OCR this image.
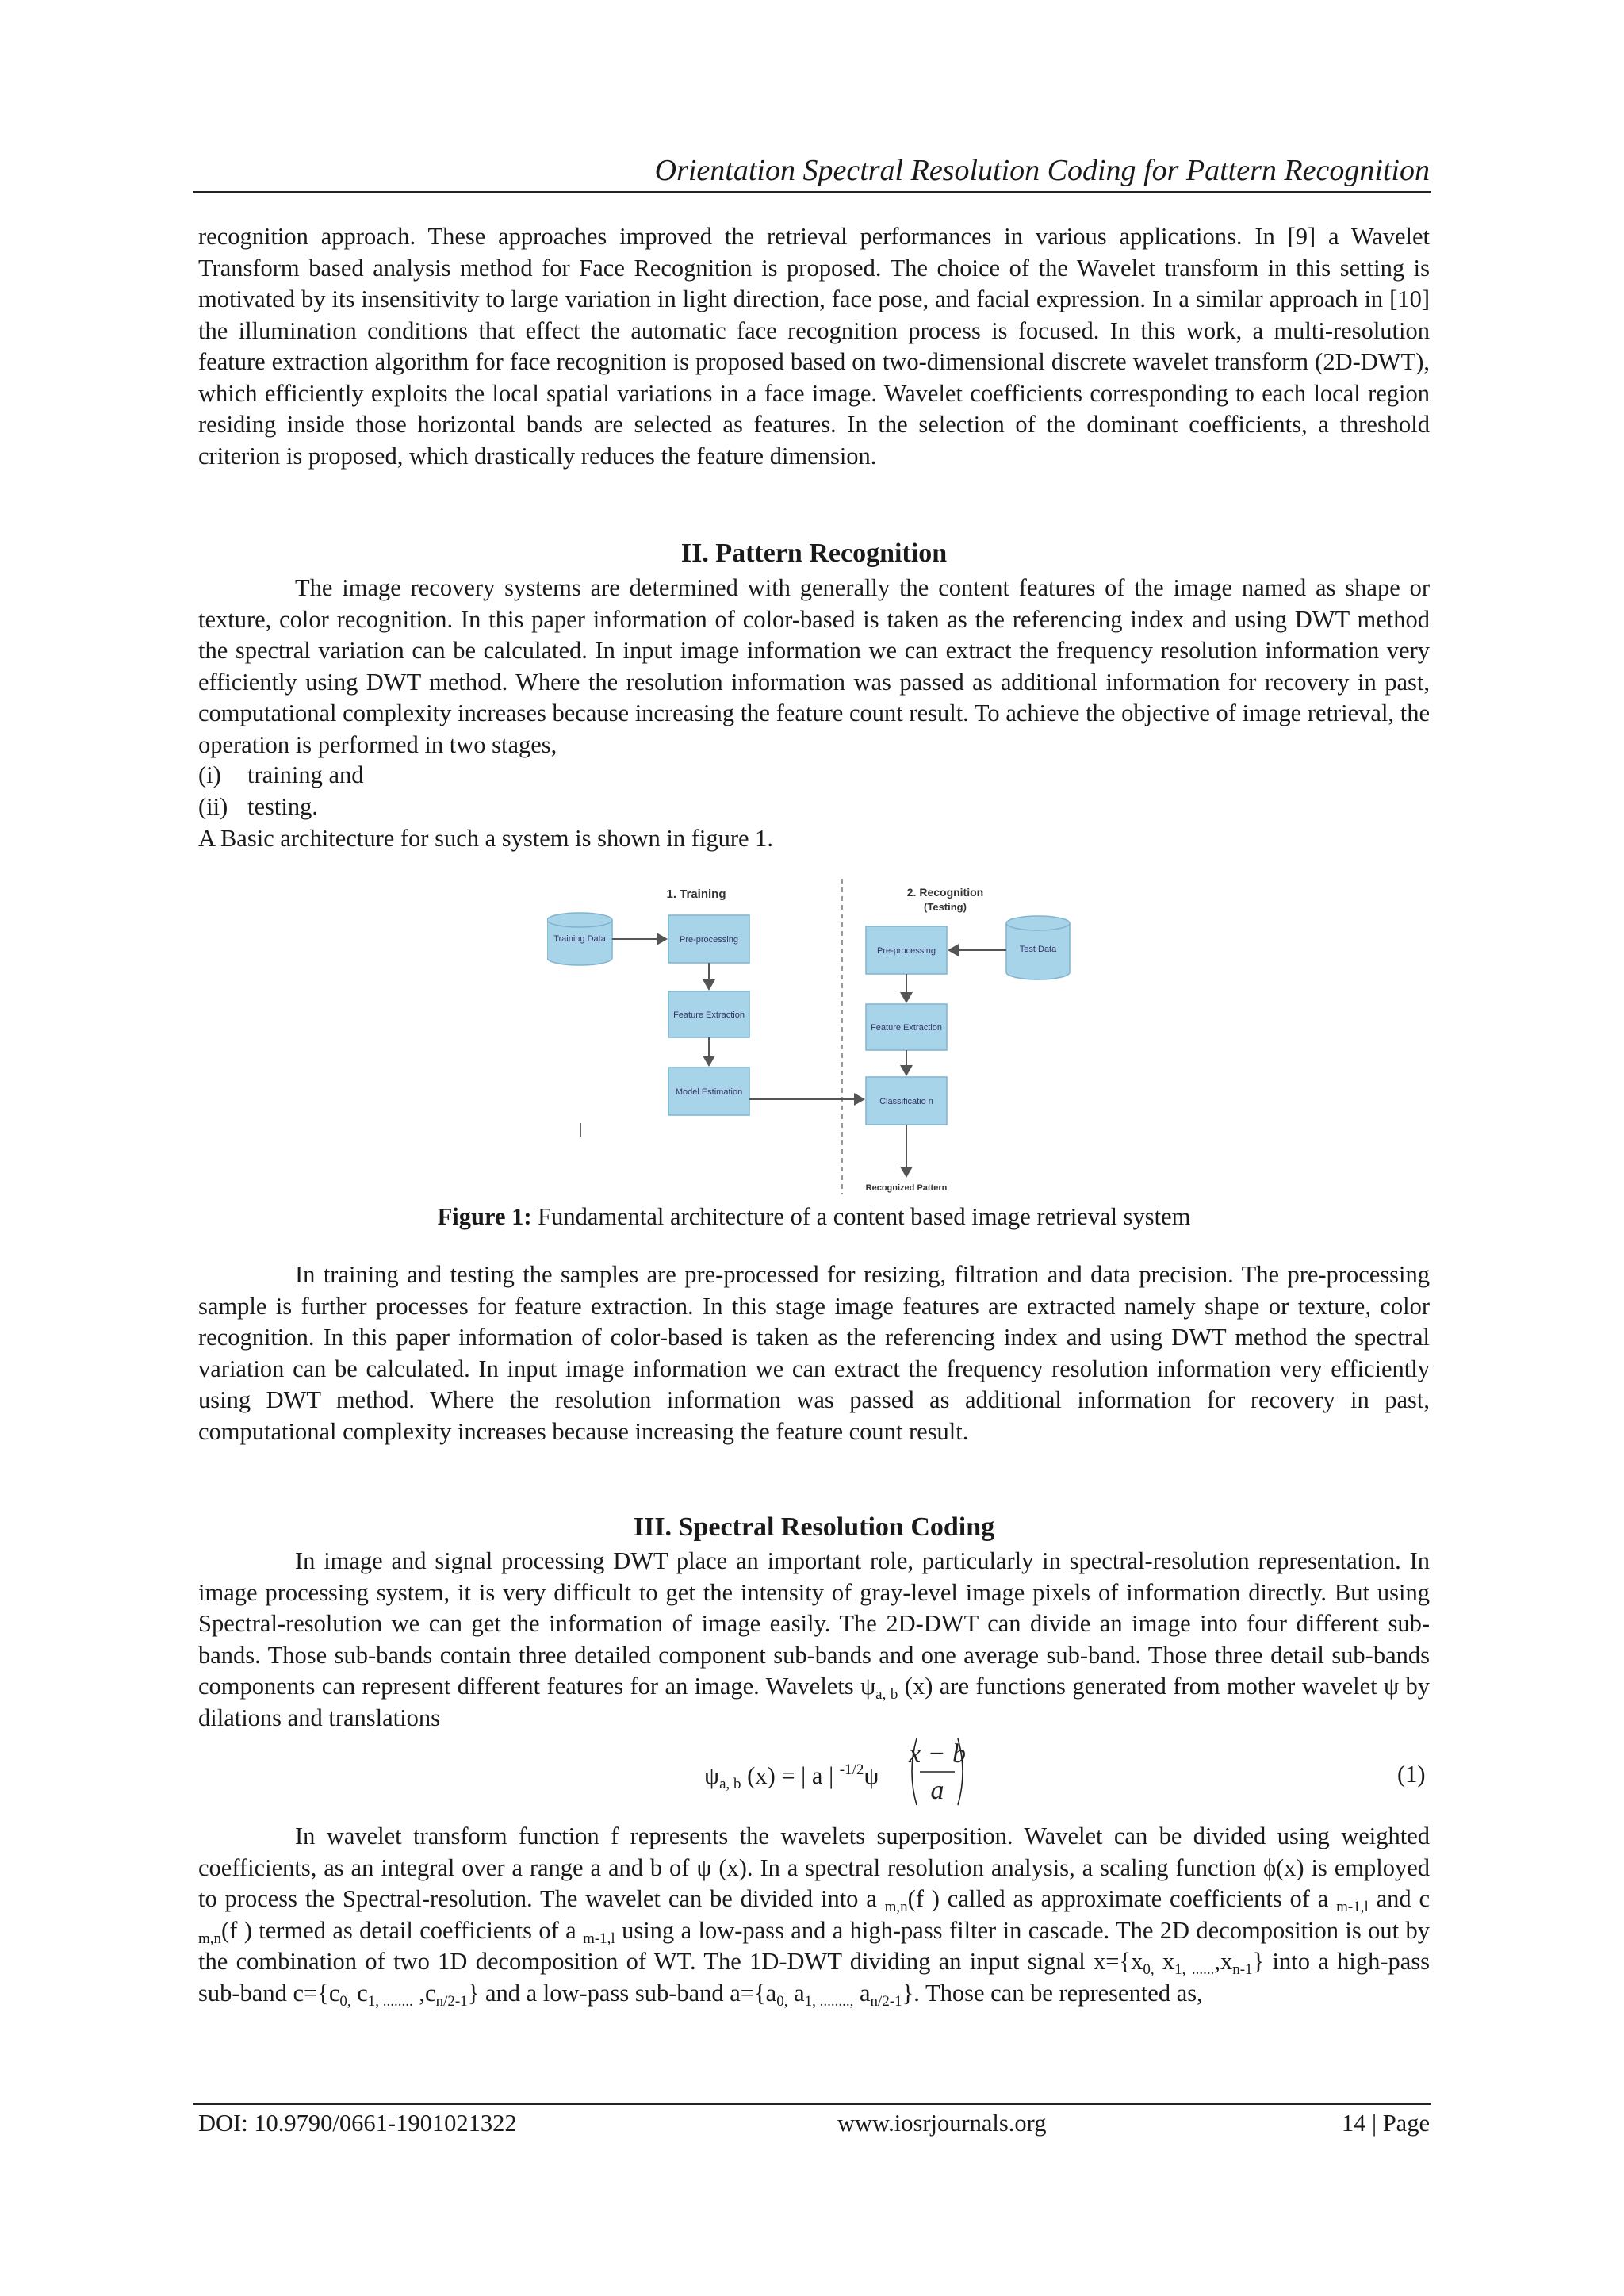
Orientation Spectral Resolution Coding for Pattern Recognition

recognition approach. These approaches improved the retrieval performances in various applications. In [9] a Wavelet Transform based analysis method for Face Recognition is proposed. The choice of the Wavelet transform in this setting is motivated by its insensitivity to large variation in light direction, face pose, and facial expression. In a similar approach in [10] the illumination conditions that effect the automatic face recognition process is focused. In this work, a multi-resolution feature extraction algorithm for face recognition is proposed based on two-dimensional discrete wavelet transform (2D-DWT), which efficiently exploits the local spatial variations in a face image. Wavelet coefficients corresponding to each local region residing inside those horizontal bands are selected as features. In the selection of the dominant coefficients, a threshold criterion is proposed, which drastically reduces the feature dimension.

II. Pattern Recognition

The image recovery systems are determined with generally the content features of the image named as shape or texture, color recognition. In this paper information of color-based is taken as the referencing index and using DWT method the spectral variation can be calculated. In input image information we can extract the frequency resolution information very efficiently using DWT method. Where the resolution information was passed as additional information for recovery in past, computational complexity increases because increasing the feature count result. To achieve the objective of image retrieval, the operation is performed in two stages,

(i) training and
(ii) testing.

A Basic architecture for such a system is shown in figure 1.

1. Training	2. Recognition
(Testing)
Training Data	Pre-processing
Feature Extraction
Model Estimation
Pre-processing
Feature Extraction
Classificatio n
Test Data
Recognized Pattern
Figure 1: Fundamental architecture of a content based image retrieval system

In training and testing the samples are pre-processed for resizing, filtration and data precision. The pre-processing sample is further processes for feature extraction. In this stage image features are extracted namely shape or texture, color recognition. In this paper information of color-based is taken as the referencing index and using DWT method the spectral variation can be calculated. In input image information we can extract the frequency resolution information very efficiently using DWT method. Where the resolution information was passed as additional information for recovery in past, computational complexity increases because increasing the feature count result.

III. Spectral Resolution Coding

In image and signal processing DWT place an important role, particularly in spectral-resolution representation. In image processing system, it is very difficult to get the intensity of gray-level image pixels of information directly. But using Spectral-resolution we can get the information of image easily. The 2D-DWT can divide an image into four different sub-bands. Those sub-bands contain three detailed component sub-bands and one average sub-band. Those three detail sub-bands components can represent different features for an image. Wavelets $\psi_{a, b}$ (x) are functions generated from mother wavelet ψ by dilations and translations

$\psi_{a, b}$ (x) = | a | $^{-1/2}$ψ
x − b
a
(1)

In wavelet transform function f represents the wavelets superposition. Wavelet can be divided using weighted coefficients, as an integral over a range a and b of ψ (x). In a spectral resolution analysis, a scaling function ϕ(x) is employed to process the Spectral-resolution. The wavelet can be divided into a $_{m,n}$(f ) called as approximate coefficients of a $_{m-1,l}$ and c $_{m,n}$(f ) termed as detail coefficients of a $_{m-1,l}$ using a low-pass and a high-pass filter in cascade. The 2D decomposition is out by the combination of two 1D decomposition of WT. The 1D-DWT dividing an input signal $x=\{x_{0,}$ $x_{1, ......},x_{n-1}$} into a high-pass sub-band $c=\{c_{0,}$ $c_{1, ........}$ $,c_{n/2-1}$} and a low-pass sub-band $a=\{a_{0,}$ $a_{1, ........,}$ $a_{n/2-1}$}. Those can be represented as,

DOI: 10.9790/0661-1901021322	www.iosrjournals.org	14 | Page
